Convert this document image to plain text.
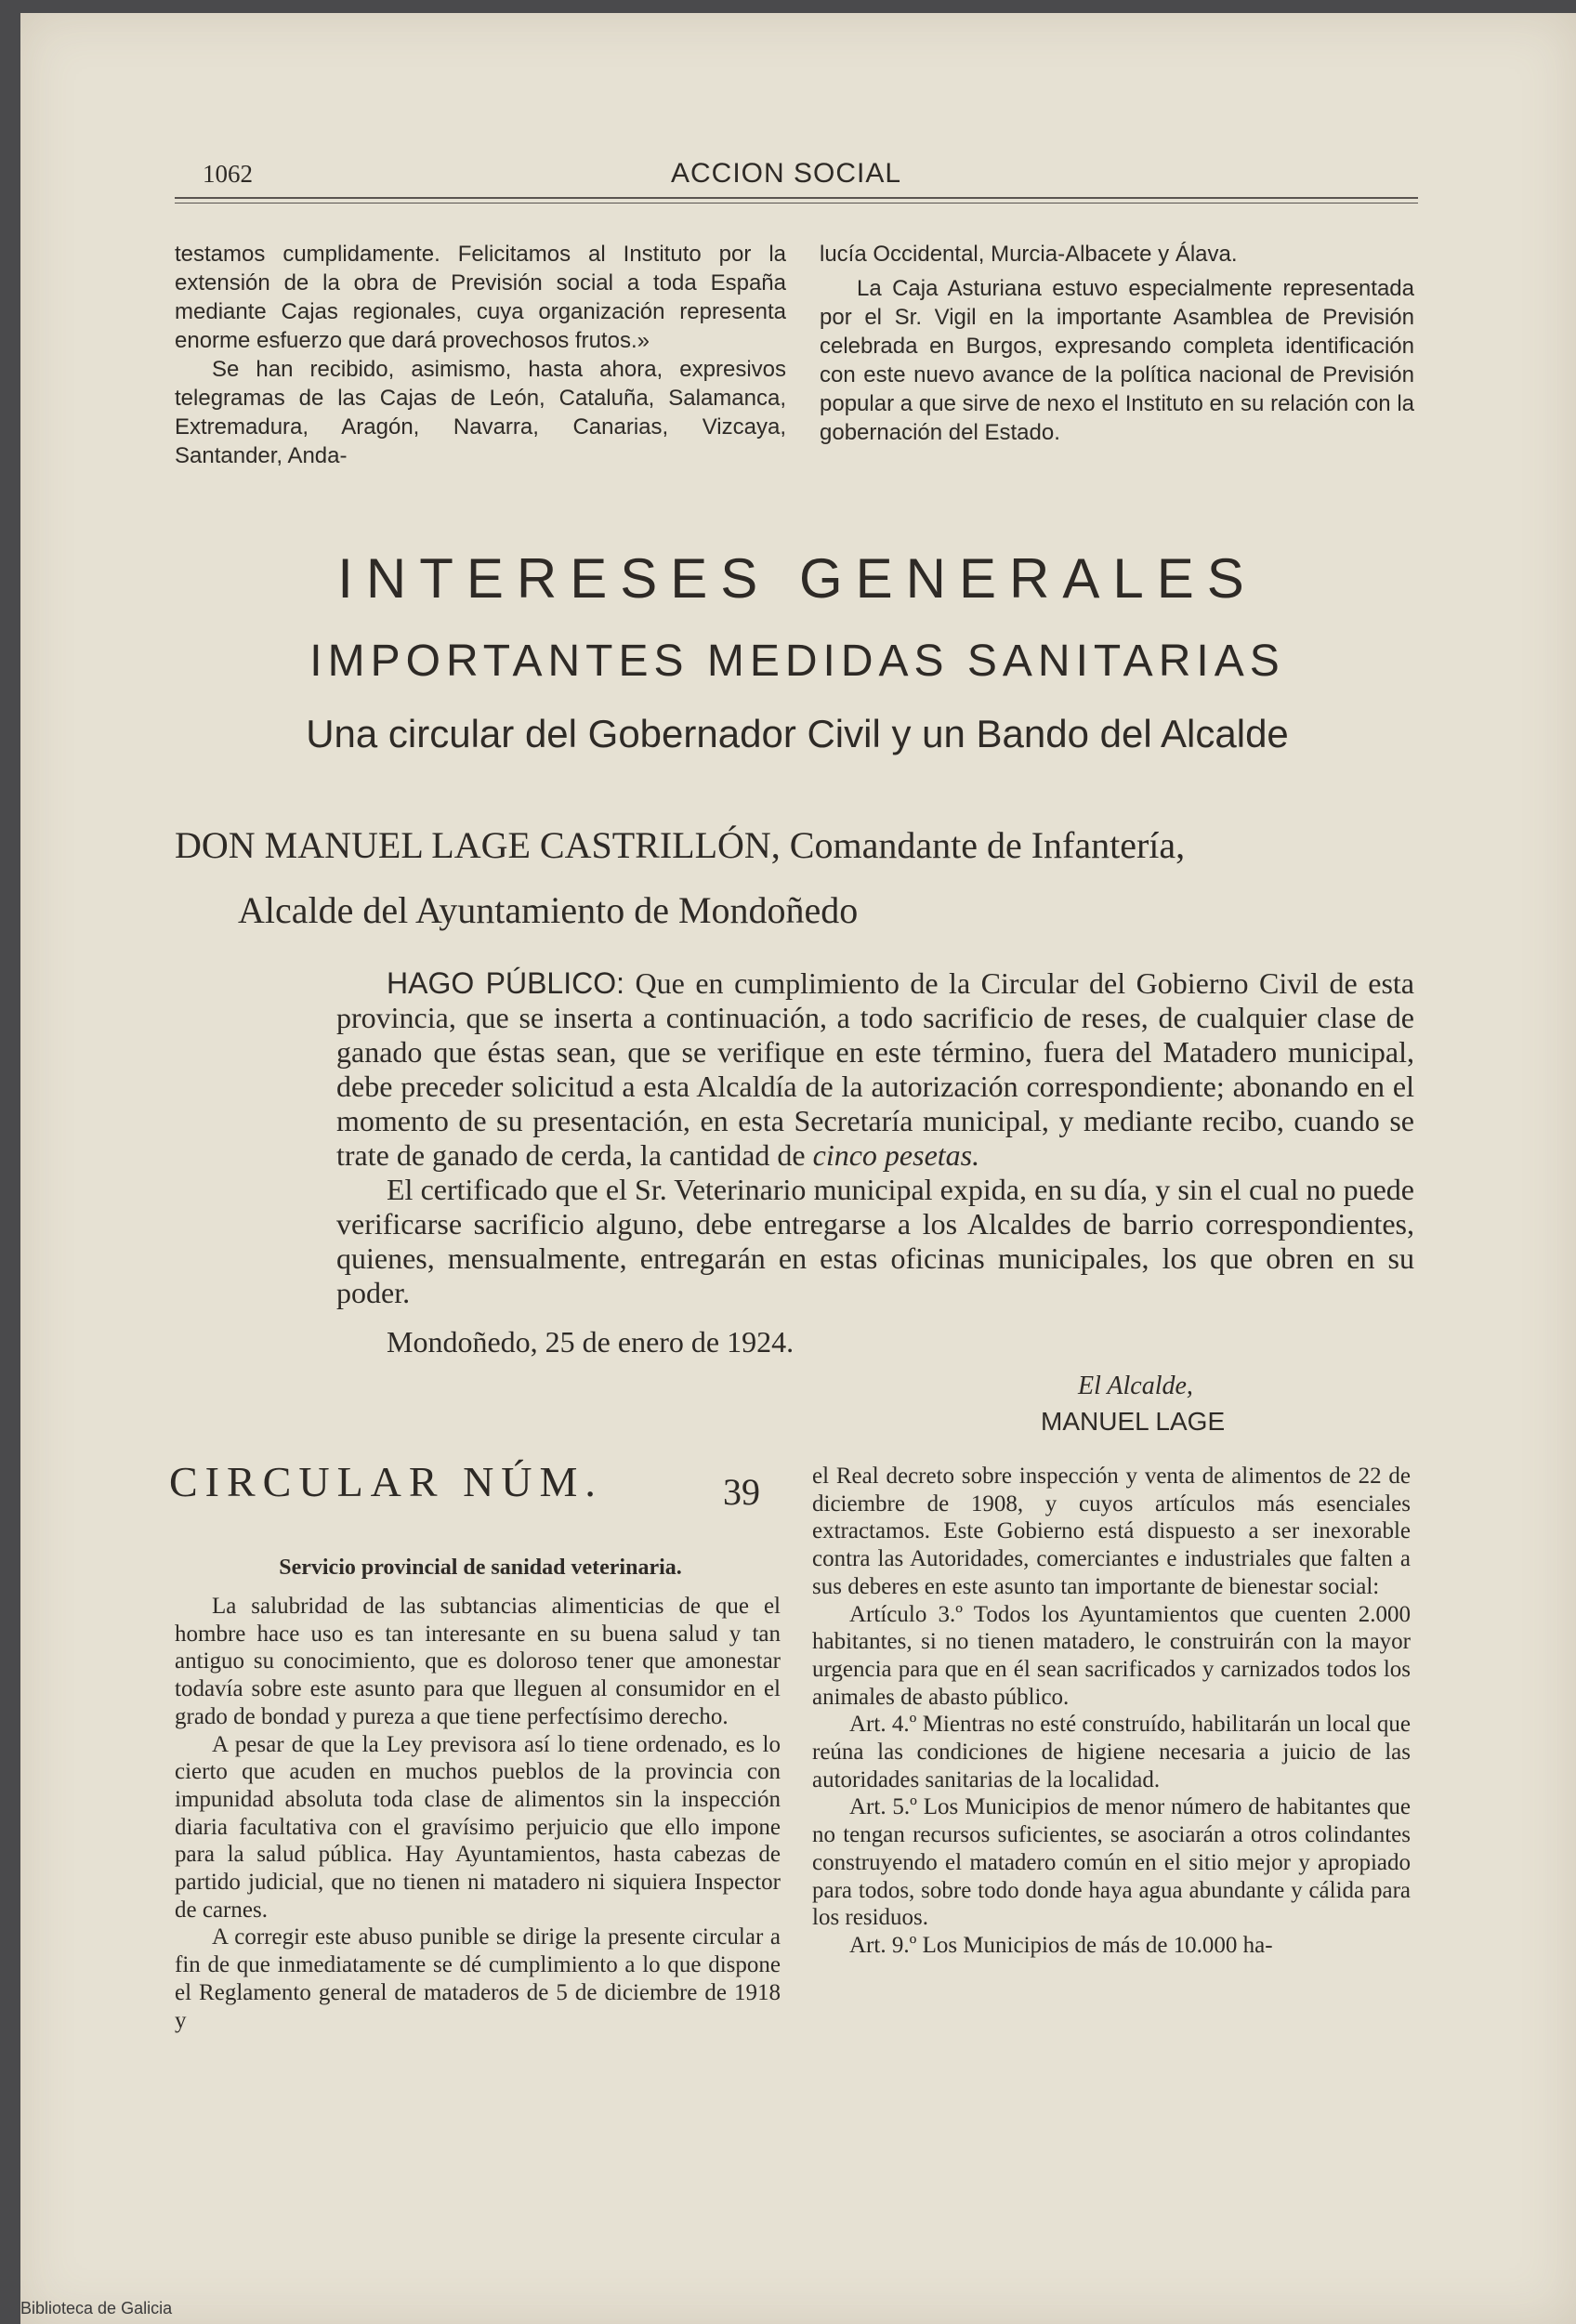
1062	ACCION SOCIAL

testamos cumplidamente. Felicitamos al Instituto por la extensión de la obra de Previsión social a toda España mediante Cajas regionales, cuya organización representa enorme esfuerzo que dará provechosos frutos.»

Se han recibido, asimismo, hasta ahora, expresivos telegramas de las Cajas de León, Cataluña, Salamanca, Extremadura, Aragón, Navarra, Canarias, Vizcaya, Santander, Anda-

lucía Occidental, Murcia-Albacete y Álava.

La Caja Asturiana estuvo especialmente representada por el Sr. Vigil en la importante Asamblea de Previsión celebrada en Burgos, expresando completa identificación con este nuevo avance de la política nacional de Previsión popular a que sirve de nexo el Instituto en su relación con la gobernación del Estado.

INTERESES GENERALES
IMPORTANTES MEDIDAS SANITARIAS
Una circular del Gobernador Civil y un Bando del Alcalde
DON MANUEL LAGE CASTRILLÓN, Comandante de Infantería,
Alcalde del Ayuntamiento de Mondoñedo

HAGO PÚBLICO: Que en cumplimiento de la Circular del Gobierno Civil de esta provincia, que se inserta a continuación, a todo sacrificio de reses, de cualquier clase de ganado que éstas sean, que se verifique en este término, fuera del Matadero municipal, debe preceder solicitud a esta Alcaldía de la autorización correspondiente; abonando en el momento de su presentación, en esta Secretaría municipal, y mediante recibo, cuando se trate de ganado de cerda, la cantidad de cinco pesetas.

El certificado que el Sr. Veterinario municipal expida, en su día, y sin el cual no puede verificarse sacrificio alguno, debe entregarse a los Alcaldes de barrio correspondientes, quienes, mensualmente, entregarán en estas oficinas municipales, los que obren en su poder.

Mondoñedo, 25 de enero de 1924.
El Alcalde,
MANUEL LAGE
CIRCULAR NÚM.	39
Servicio provincial de sanidad veterinaria.

La salubridad de las subtancias alimenticias de que el hombre hace uso es tan interesante en su buena salud y tan antiguo su conocimiento, que es doloroso tener que amonestar todavía sobre este asunto para que lleguen al consumidor en el grado de bondad y pureza a que tiene perfectísimo derecho.

A pesar de que la Ley previsora así lo tiene ordenado, es lo cierto que acuden en muchos pueblos de la provincia con impunidad absoluta toda clase de alimentos sin la inspección diaria facultativa con el gravísimo perjuicio que ello impone para la salud pública. Hay Ayuntamientos, hasta cabezas de partido judicial, que no tienen ni matadero ni siquiera Inspector de carnes.

A corregir este abuso punible se dirige la presente circular a fin de que inmediatamente se dé cumplimiento a lo que dispone el Reglamento general de mataderos de 5 de diciembre de 1918 y

el Real decreto sobre inspección y venta de alimentos de 22 de diciembre de 1908, y cuyos artículos más esenciales extractamos. Este Gobierno está dispuesto a ser inexorable contra las Autoridades, comerciantes e industriales que falten a sus deberes en este asunto tan importante de bienestar social:

Artículo 3.º Todos los Ayuntamientos que cuenten 2.000 habitantes, si no tienen matadero, le construirán con la mayor urgencia para que en él sean sacrificados y carnizados todos los animales de abasto público.

Art. 4.º Mientras no esté construído, habilitarán un local que reúna las condiciones de higiene necesaria a juicio de las autoridades sanitarias de la localidad.

Art. 5.º Los Municipios de menor número de habitantes que no tengan recursos suficientes, se asociarán a otros colindantes construyendo el matadero común en el sitio mejor y apropiado para todos, sobre todo donde haya agua abundante y cálida para los residuos.

Art. 9.º Los Municipios de más de 10.000 ha-

Biblioteca de Galicia
